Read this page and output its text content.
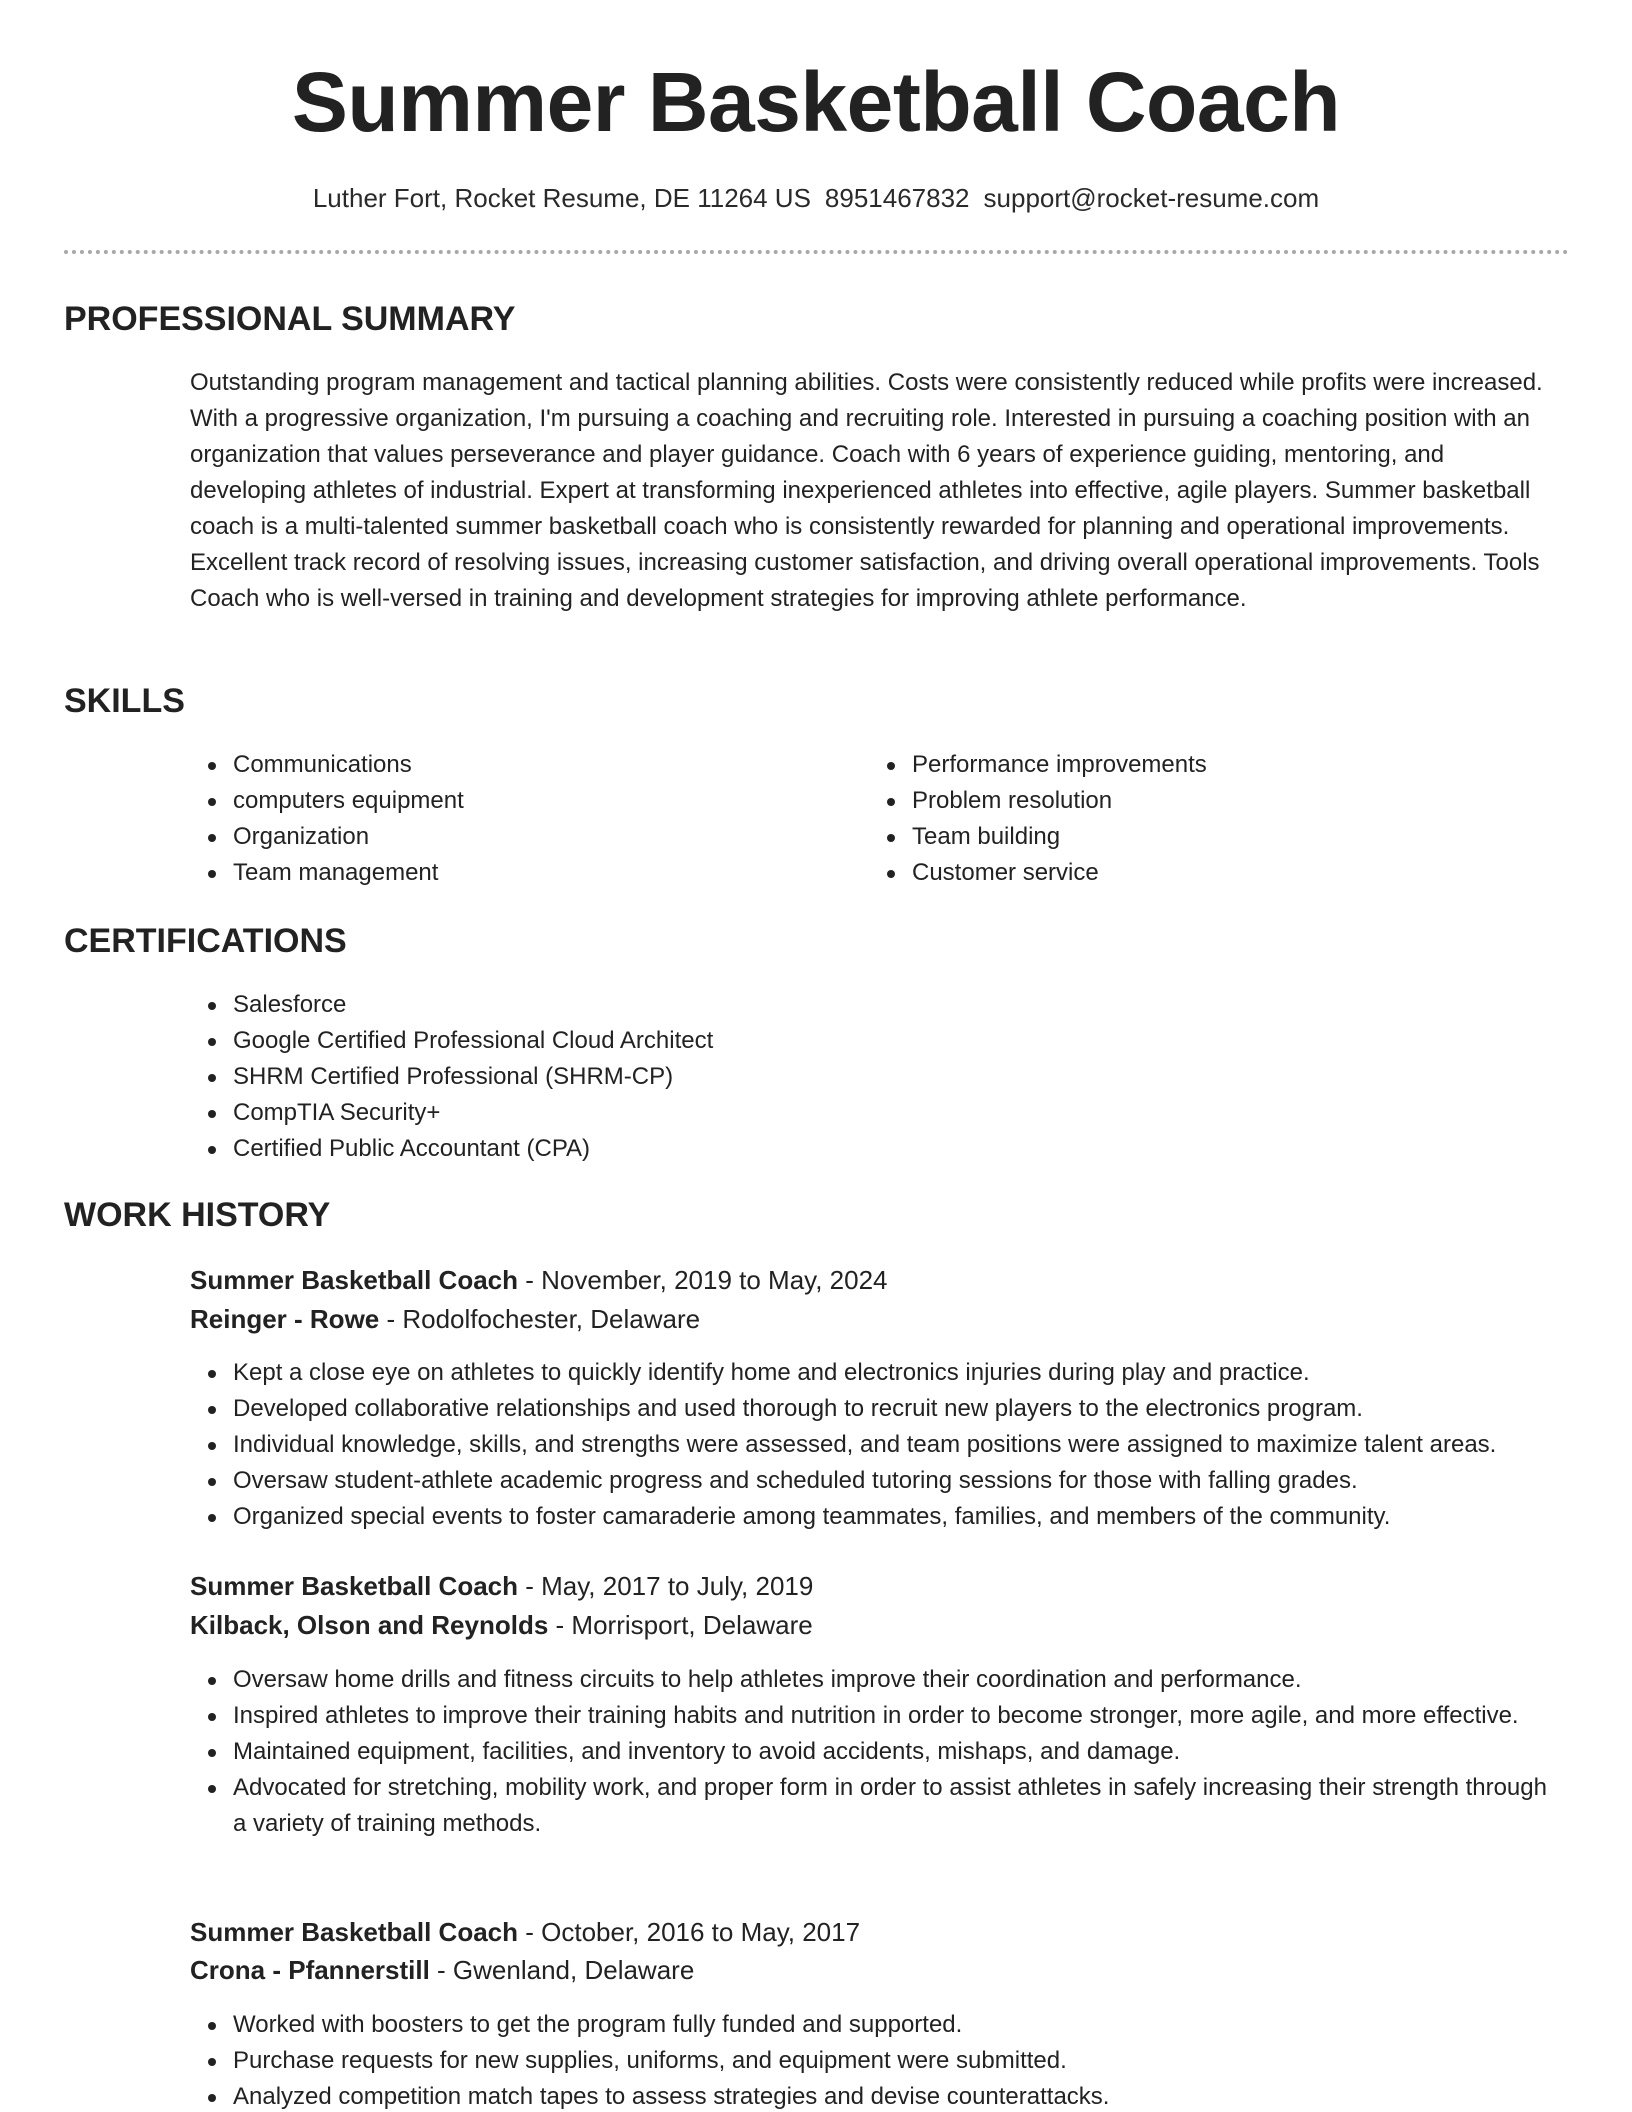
Summer Basketball Coach
Luther Fort, Rocket Resume, DE 11264 US 8951467832 support@rocket-resume.com
PROFESSIONAL SUMMARY
Outstanding program management and tactical planning abilities. Costs were consistently reduced while profits were increased. With a progressive organization, I'm pursuing a coaching and recruiting role. Interested in pursuing a coaching position with an organization that values perseverance and player guidance. Coach with 6 years of experience guiding, mentoring, and developing athletes of industrial. Expert at transforming inexperienced athletes into effective, agile players. Summer basketball coach is a multi-talented summer basketball coach who is consistently rewarded for planning and operational improvements. Excellent track record of resolving issues, increasing customer satisfaction, and driving overall operational improvements. Tools Coach who is well-versed in training and development strategies for improving athlete performance.
SKILLS
Communications
computers equipment
Organization
Team management
Performance improvements
Problem resolution
Team building
Customer service
CERTIFICATIONS
Salesforce
Google Certified Professional Cloud Architect
SHRM Certified Professional (SHRM-CP)
CompTIA Security+
Certified Public Accountant (CPA)
WORK HISTORY
Summer Basketball Coach - November, 2019 to May, 2024
Reinger - Rowe - Rodolfochester, Delaware
Kept a close eye on athletes to quickly identify home and electronics injuries during play and practice.
Developed collaborative relationships and used thorough to recruit new players to the electronics program.
Individual knowledge, skills, and strengths were assessed, and team positions were assigned to maximize talent areas.
Oversaw student-athlete academic progress and scheduled tutoring sessions for those with falling grades.
Organized special events to foster camaraderie among teammates, families, and members of the community.
Summer Basketball Coach - May, 2017 to July, 2019
Kilback, Olson and Reynolds - Morrisport, Delaware
Oversaw home drills and fitness circuits to help athletes improve their coordination and performance.
Inspired athletes to improve their training habits and nutrition in order to become stronger, more agile, and more effective.
Maintained equipment, facilities, and inventory to avoid accidents, mishaps, and damage.
Advocated for stretching, mobility work, and proper form in order to assist athletes in safely increasing their strength through a variety of training methods.
Summer Basketball Coach - October, 2016 to May, 2017
Crona - Pfannerstill - Gwenland, Delaware
Worked with boosters to get the program fully funded and supported.
Purchase requests for new supplies, uniforms, and equipment were submitted.
Analyzed competition match tapes to assess strategies and devise counterattacks.
